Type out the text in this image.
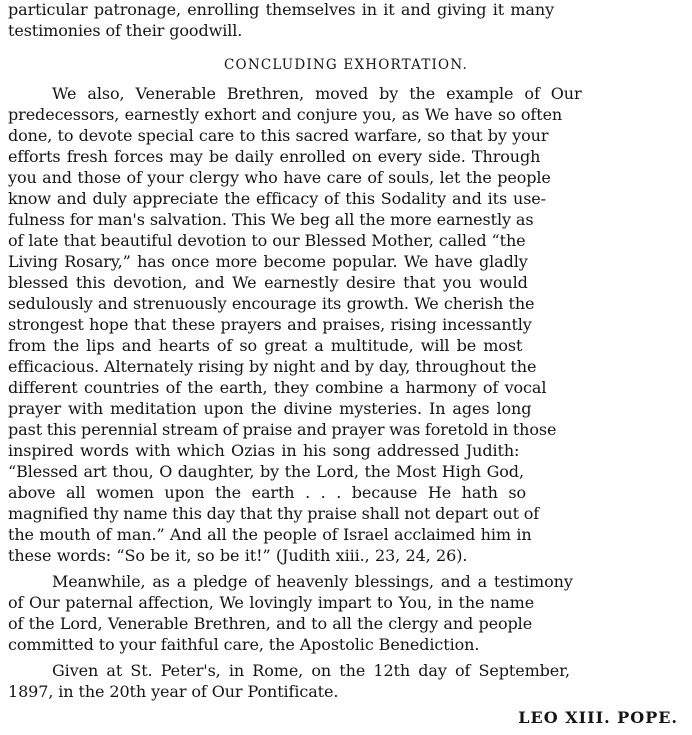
particular patronage, enrolling themselves in it and giving it many
testimonies of their goodwill.
CONCLUDING EXHORTATION.
We also, Venerable Brethren, moved by the example of Our
predecessors, earnestly exhort and conjure you, as We have so often
done, to devote special care to this sacred warfare, so that by your
efforts fresh forces may be daily enrolled on every side. Through
you and those of your clergy who have care of souls, let the people
know and duly appreciate the efficacy of this Sodality and its use-
fulness for man's salvation. This We beg all the more earnestly as
of late that beautiful devotion to our Blessed Mother, called “the
Living Rosary,” has once more become popular. We have gladly
blessed this devotion, and We earnestly desire that you would
sedulously and strenuously encourage its growth. We cherish the
strongest hope that these prayers and praises, rising incessantly
from the lips and hearts of so great a multitude, will be most
efficacious. Alternately rising by night and by day, throughout the
different countries of the earth, they combine a harmony of vocal
prayer with meditation upon the divine mysteries. In ages long
past this perennial stream of praise and prayer was foretold in those
inspired words with which Ozias in his song addressed Judith:
“Blessed art thou, O daughter, by the Lord, the Most High God,
above all women upon the earth . . . because He hath so
magnified thy name this day that thy praise shall not depart out of
the mouth of man.” And all the people of Israel acclaimed him in
these words: “So be it, so be it!” (Judith xiii., 23, 24, 26).
Meanwhile, as a pledge of heavenly blessings, and a testimony
of Our paternal affection, We lovingly impart to You, in the name
of the Lord, Venerable Brethren, and to all the clergy and people
committed to your faithful care, the Apostolic Benediction.
Given at St. Peter's, in Rome, on the 12th day of September,
1897, in the 20th year of Our Pontificate.
LEO XIII. POPE.
